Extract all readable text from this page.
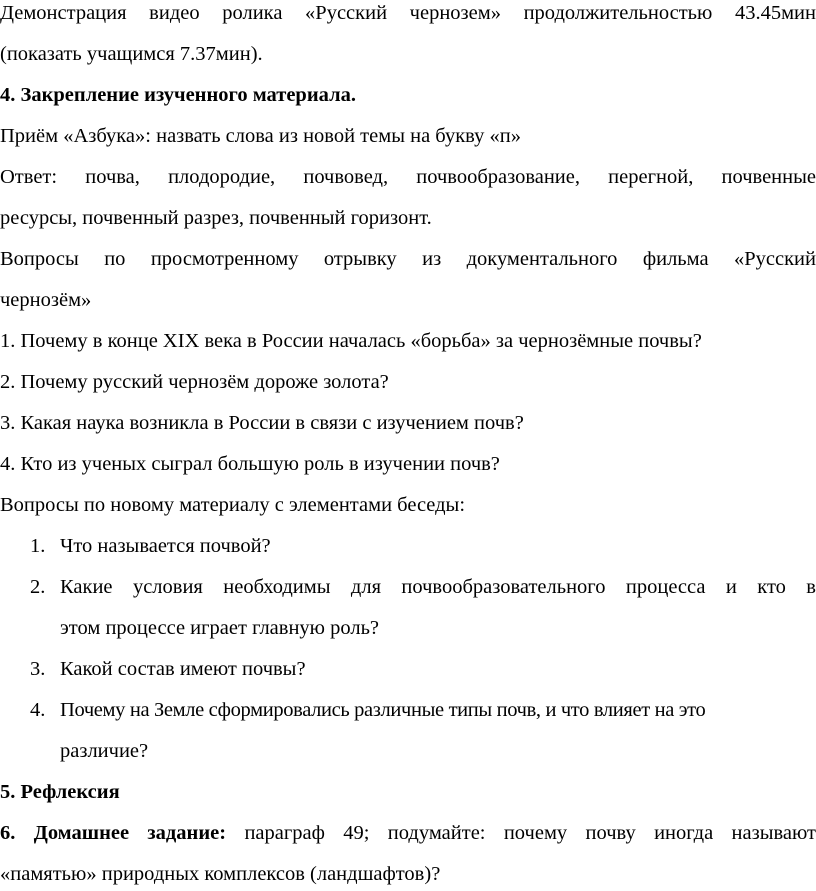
Демонстрация видео ролика «Русский чернозем» продолжительностью 43.45мин

(показать учащимся 7.37мин).

4. Закрепление изученного материала.

Приём «Азбука»: назвать слова из новой темы на букву «п»

Ответ: почва, плодородие, почвовед, почвообразование, перегной, почвенные

ресурсы, почвенный разрез, почвенный горизонт.

Вопросы по просмотренному отрывку из документального фильма «Русский

чернозём»

1. Почему в конце XIX века в России началась «борьба» за чернозёмные почвы?

2. Почему русский чернозём дороже золота?

3. Какая наука возникла в России в связи с изучением почв?

4. Кто из ученых сыграл большую роль в изучении почв?

Вопросы по новому материалу с элементами беседы:

1. Что называется почвой?
2. Какие условия необходимы для почвообразовательного процесса и кто в
этом процессе играет главную роль?
3. Какой состав имеют почвы?
4. Почему на Земле сформировались различные типы почв, и что влияет на это
различие?

5. Рефлексия

6. Домашнее задание: параграф 49; подумайте: почему почву иногда называют

«памятью» природных комплексов (ландшафтов)?
